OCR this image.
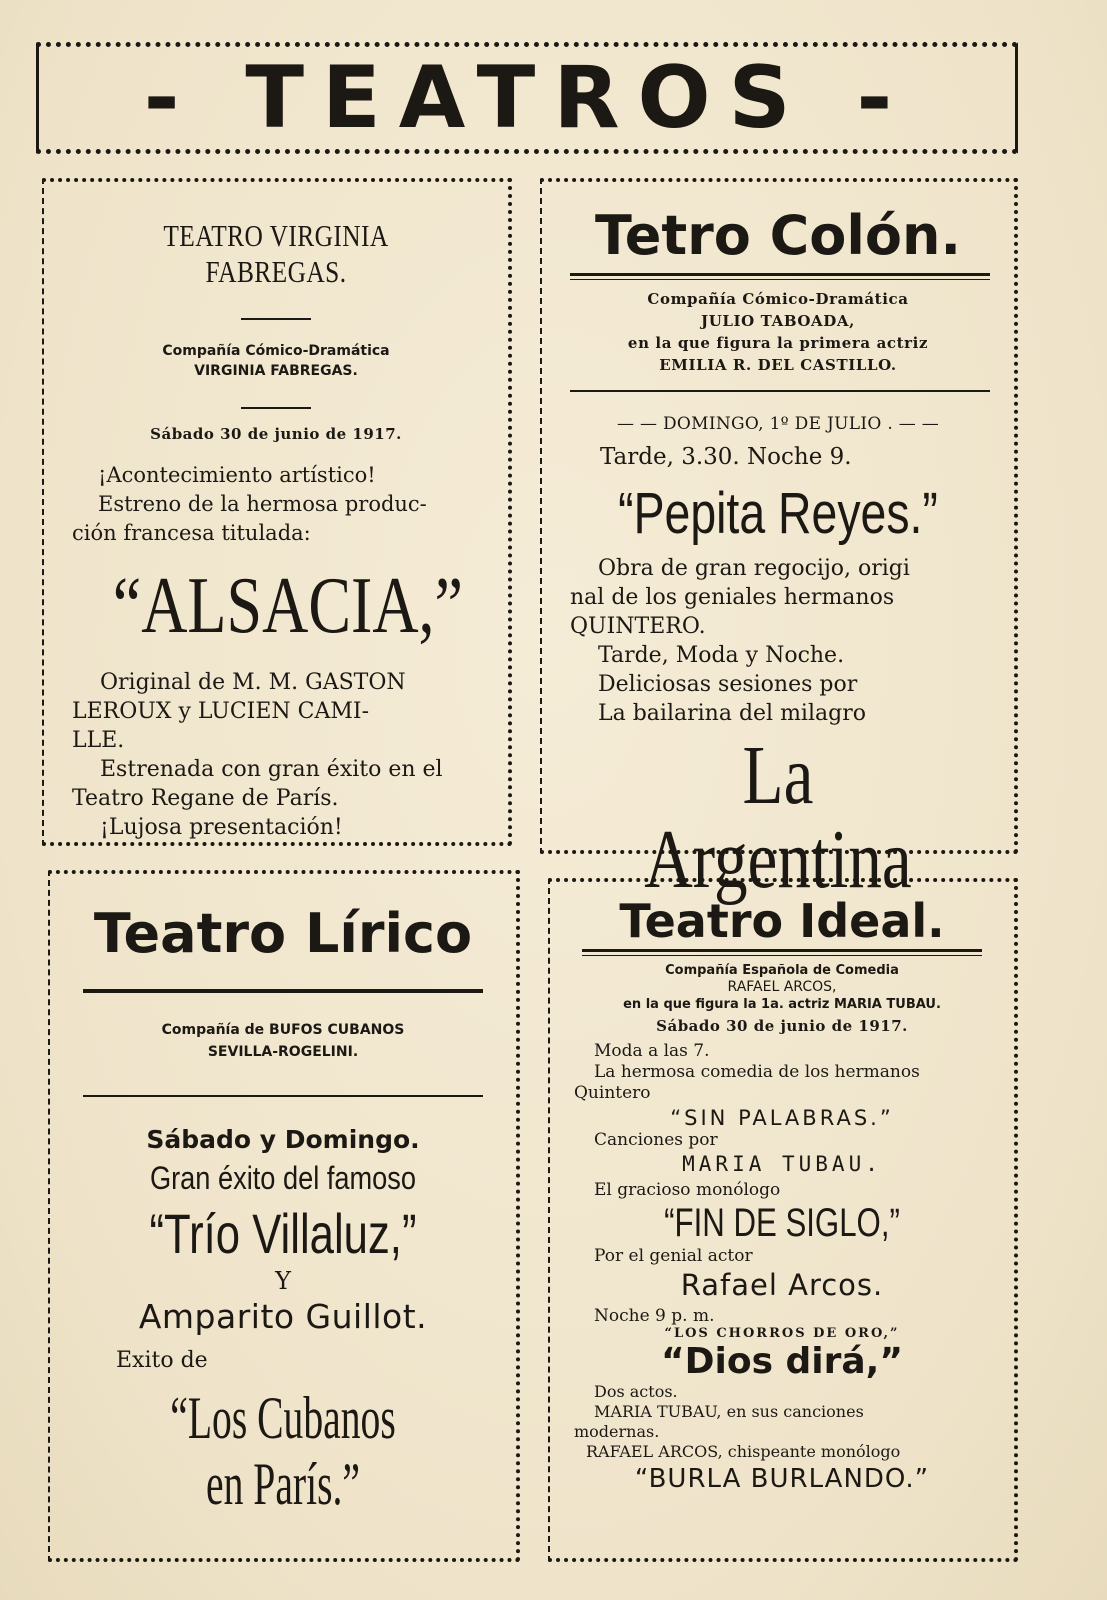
- TEATROS -
TEATRO VIRGINIA FABREGAS.
Compañía Cómico-Dramática
VIRGINIA FABREGAS.
Sábado 30 de junio de 1917.
¡Acontecimiento artístico!
Estreno de la hermosa produc-
ción francesa titulada:
“ALSACIA,”
Original de M. M. GASTON
LEROUX y LUCIEN CAMI-
LLE.
Estrenada con gran éxito en el
Teatro Regane de París.
¡Lujosa presentación!
Tetro Colón.
Compañía Cómico-Dramática
JULIO TABOADA,
en la que figura la primera actriz
EMILIA R. DEL CASTILLO.
— — DOMINGO, 1º DE JULIO . — —
Tarde, 3.30. Noche 9.
“Pepita Reyes.”
Obra de gran regocijo, origi
nal de los geniales hermanos
QUINTERO.
Tarde, Moda y Noche.
Deliciosas sesiones por
La bailarina del milagro
La Argentina
Teatro Lírico
Compañía de BUFOS CUBANOS
SEVILLA-ROGELINI.
Sábado y Domingo.
Gran éxito del famoso
“Trío Villaluz,”
Y
Amparito Guillot.
Exito de
“Los Cubanos en París.”
Teatro Ideal.
Compañía Española de Comedia
RAFAEL ARCOS,
en la que figura la 1a. actriz MARIA TUBAU.
Sábado 30 de junio de 1917.
Moda a las 7.
La hermosa comedia de los hermanos
Quintero
“SIN PALABRAS.”
Canciones por
MARIA TUBAU.
El gracioso monólogo
“FIN DE SIGLO,”
Por el genial actor
Rafael Arcos.
Noche 9 p. m.
“LOS CHORROS DE ORO,”
“Dios dirá,”
Dos actos.
MARIA TUBAU, en sus canciones
modernas.
RAFAEL ARCOS, chispeante monólogo
“BURLA BURLANDO.”
